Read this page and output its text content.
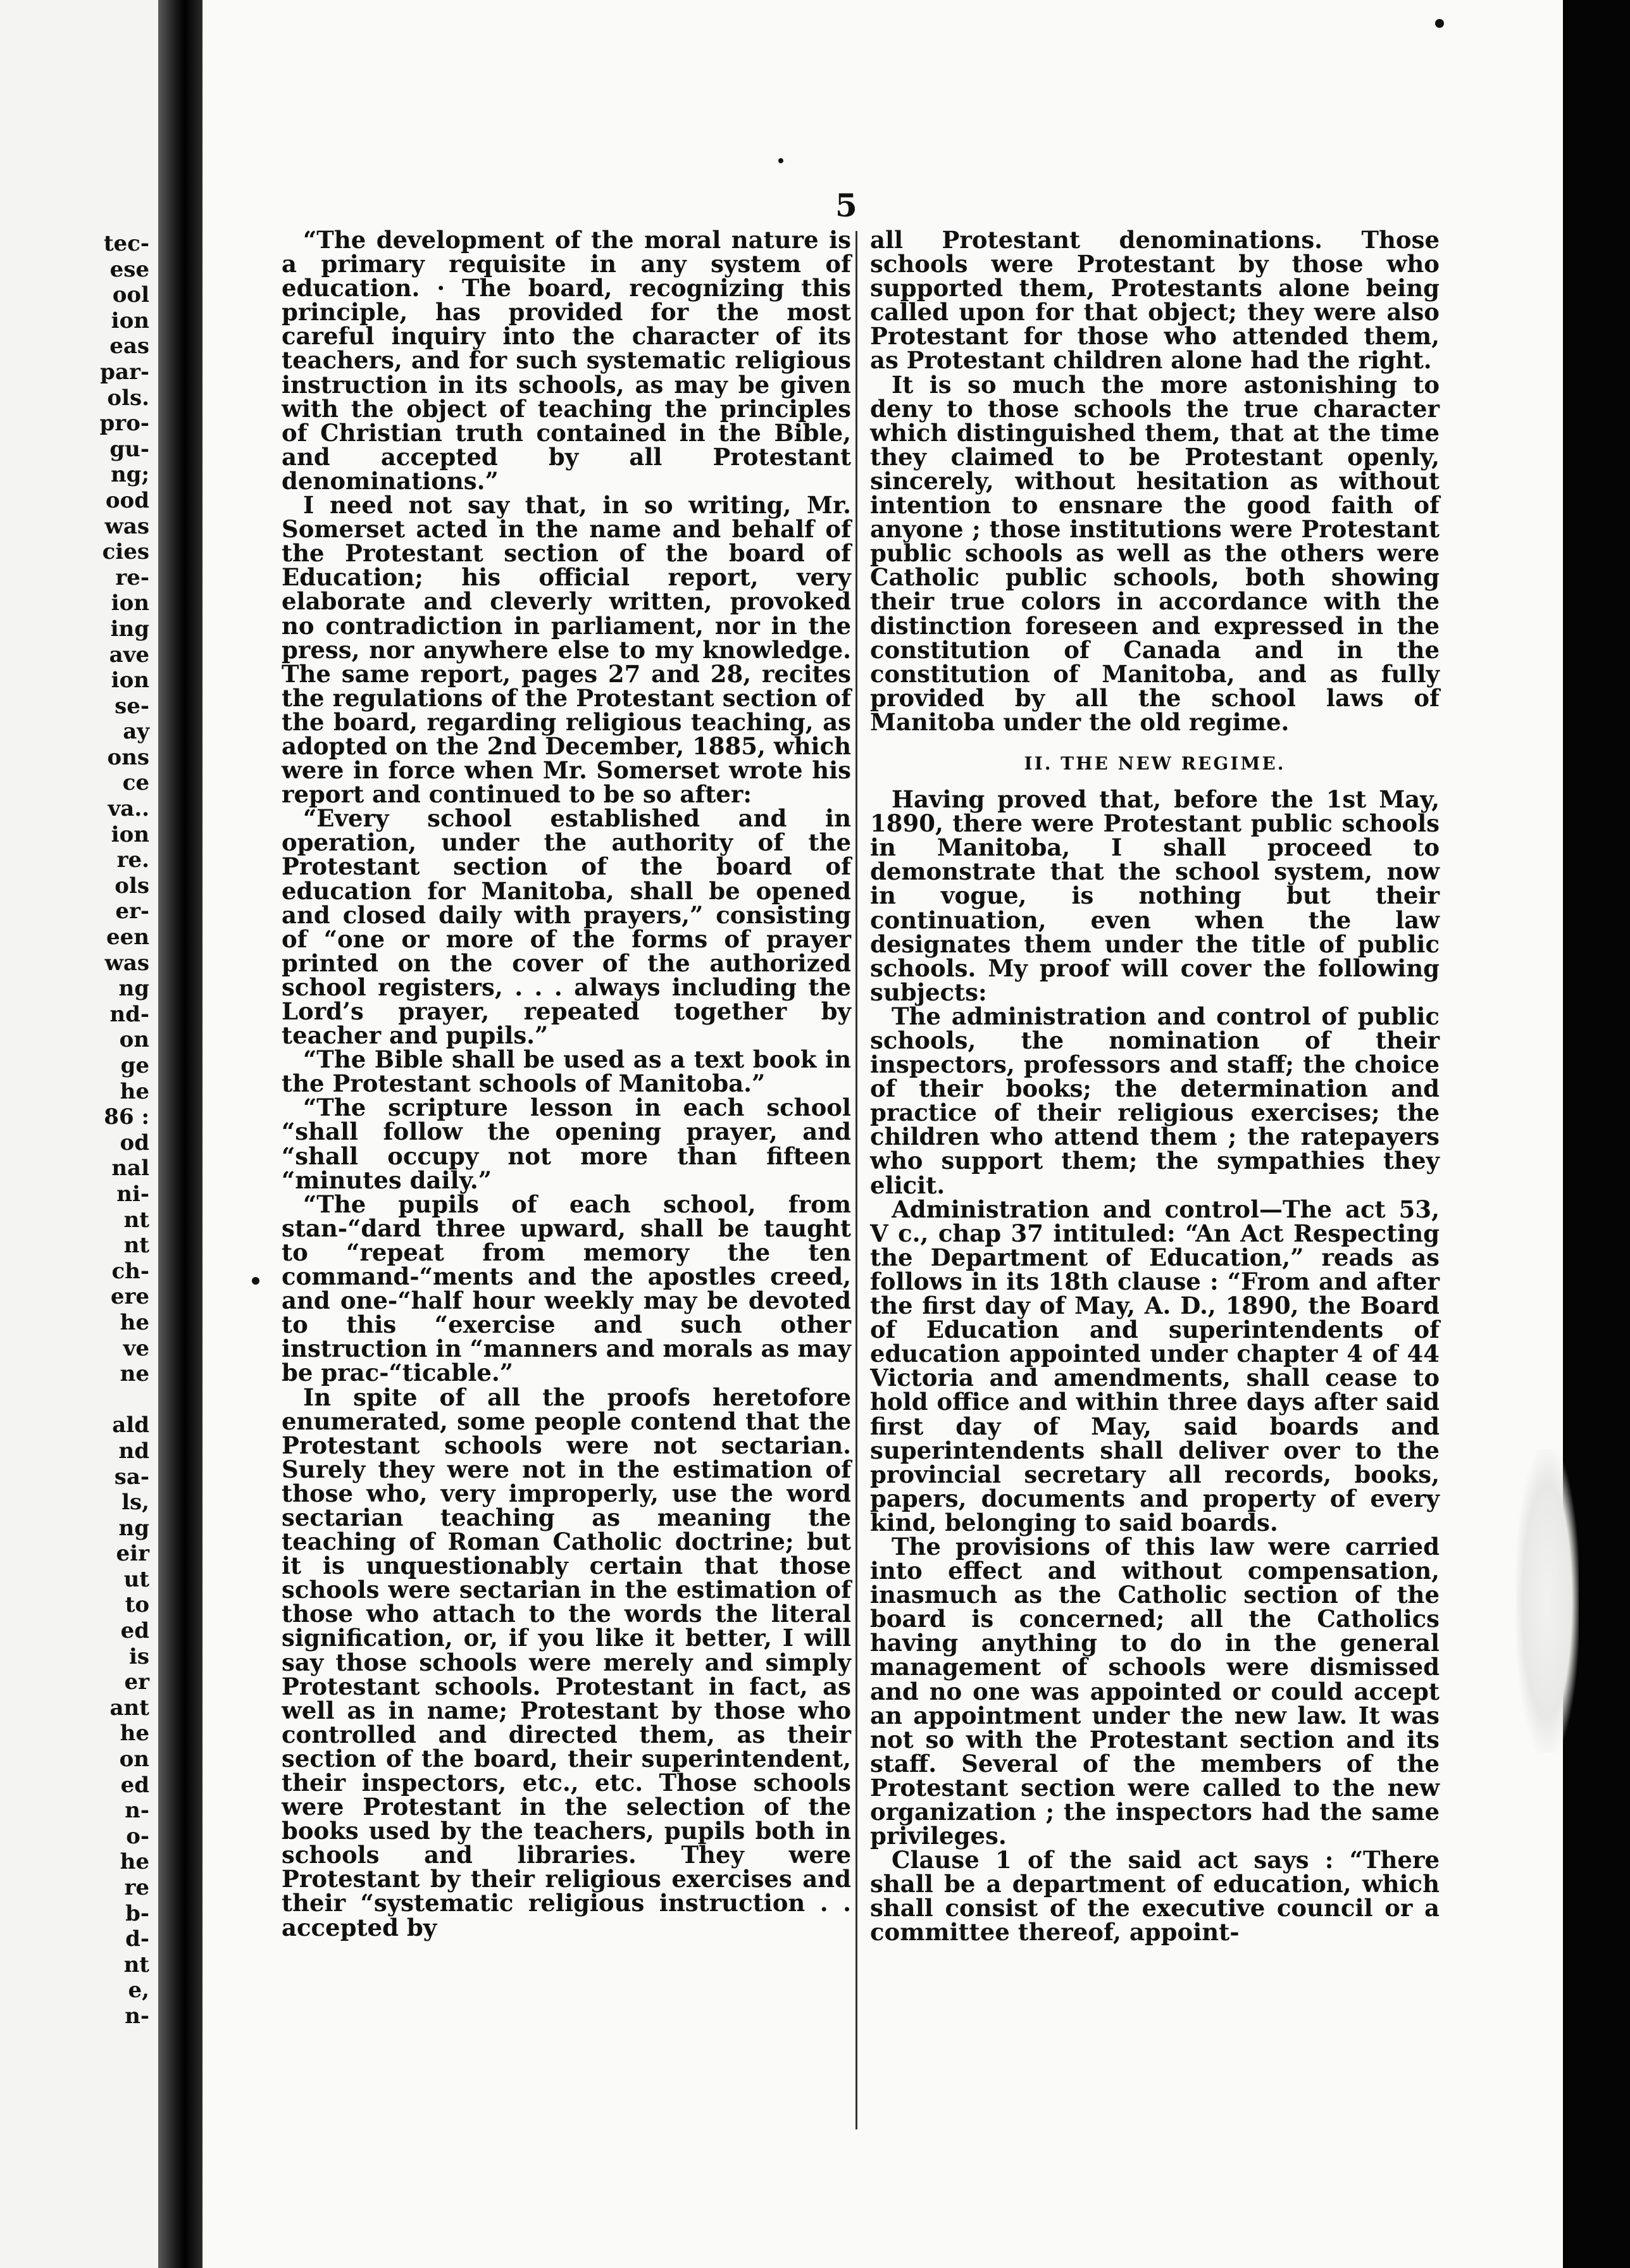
tec-
ese
ool
ion
eas
par-
ols.
pro-
gu-
ng;
ood
was
cies
re-
ion
ing
ave
ion
se-
ay
ons
ce
va..
ion
re.
ols
er-
een
was
ng
nd-
on
ge
he
86 :
od
nal
ni-
nt
nt
ch-
ere
he
ve
ne

ald
nd
sa-
ls,
ng
eir
ut
to
ed
is
er
ant
he
on
ed
n-
o-
he
re
b-
d-
nt
e,
n-
5

“The development of the moral nature is a primary requisite in any system of education. · The board, recognizing this principle, has provided for the most careful inquiry into the character of its teachers, and for such systematic religious instruction in its schools, as may be given with the object of teaching the principles of Christian truth contained in the Bible, and accepted by all Protestant denominations.”

I need not say that, in so writing, Mr. Somerset acted in the name and behalf of the Protestant section of the board of Education; his official report, very elaborate and cleverly written, provoked no contradiction in parliament, nor in the press, nor anywhere else to my knowledge. The same report, pages 27 and 28, recites the regulations of the Protestant section of the board, regarding religious teaching, as adopted on the 2nd December, 1885, which were in force when Mr. Somerset wrote his report and continued to be so after:

“Every school established and in operation, under the authority of the Protestant section of the board of education for Manitoba, shall be opened and closed daily with prayers,” consisting of “one or more of the forms of prayer printed on the cover of the authorized school registers, . . . always including the Lord’s prayer, repeated together by teacher and pupils.”

“The Bible shall be used as a text book in the Protestant schools of Manitoba.”

“The scripture lesson in each school “shall follow the opening prayer, and “shall occupy not more than fifteen “minutes daily.”

“The pupils of each school, from stan-“dard three upward, shall be taught to “repeat from memory the ten command-“ments and the apostles creed, and one-“half hour weekly may be devoted to this “exercise and such other instruction in “manners and morals as may be prac-“ticable.”

In spite of all the proofs heretofore enumerated, some people contend that the Protestant schools were not sectarian. Surely they were not in the estimation of those who, very improperly, use the word sectarian teaching as meaning the teaching of Roman Catholic doctrine; but it is unquestionably certain that those schools were sectarian in the estimation of those who attach to the words the literal signification, or, if you like it better, I will say those schools were merely and simply Protestant schools. Protestant in fact, as well as in name; Protestant by those who controlled and directed them, as their section of the board, their superintendent, their inspectors, etc., etc. Those schools were Protestant in the selection of the books used by the teachers, pupils both in schools and libraries. They were Protestant by their religious exercises and their “systematic religious instruction . . accepted by

all Protestant denominations. Those schools were Protestant by those who supported them, Protestants alone being called upon for that object; they were also Protestant for those who attended them, as Protestant children alone had the right.

It is so much the more astonishing to deny to those schools the true character which distinguished them, that at the time they claimed to be Protestant openly, sincerely, without hesitation as without intention to ensnare the good faith of anyone ; those institutions were Protestant public schools as well as the others were Catholic public schools, both showing their true colors in accordance with the distinction foreseen and expressed in the constitution of Canada and in the constitution of Manitoba, and as fully provided by all the school laws of Manitoba under the old regime.

II. THE NEW REGIME.

Having proved that, before the 1st May, 1890, there were Protestant public schools in Manitoba, I shall proceed to demonstrate that the school system, now in vogue, is nothing but their continuation, even when the law designates them under the title of public schools. My proof will cover the following subjects:

The administration and control of public schools, the nomination of their inspectors, professors and staff; the choice of their books; the determination and practice of their religious exercises; the children who attend them ; the ratepayers who support them; the sympathies they elicit.

Administration and control—The act 53, V c., chap 37 intituled: “An Act Respecting the Department of Education,” reads as follows in its 18th clause : “From and after the first day of May, A. D., 1890, the Board of Education and superintendents of education appointed under chapter 4 of 44 Victoria and amendments, shall cease to hold office and within three days after said first day of May, said boards and superintendents shall deliver over to the provincial secretary all records, books, papers, documents and property of every kind, belonging to said boards.

The provisions of this law were carried into effect and without compensation, inasmuch as the Catholic section of the board is concerned; all the Catholics having anything to do in the general management of schools were dismissed and no one was appointed or could accept an appointment under the new law. It was not so with the Protestant section and its staff. Several of the members of the Protestant section were called to the new organization ; the inspectors had the same privileges.

Clause 1 of the said act says : “There shall be a department of education, which shall consist of the executive council or a committee thereof, appoint-
